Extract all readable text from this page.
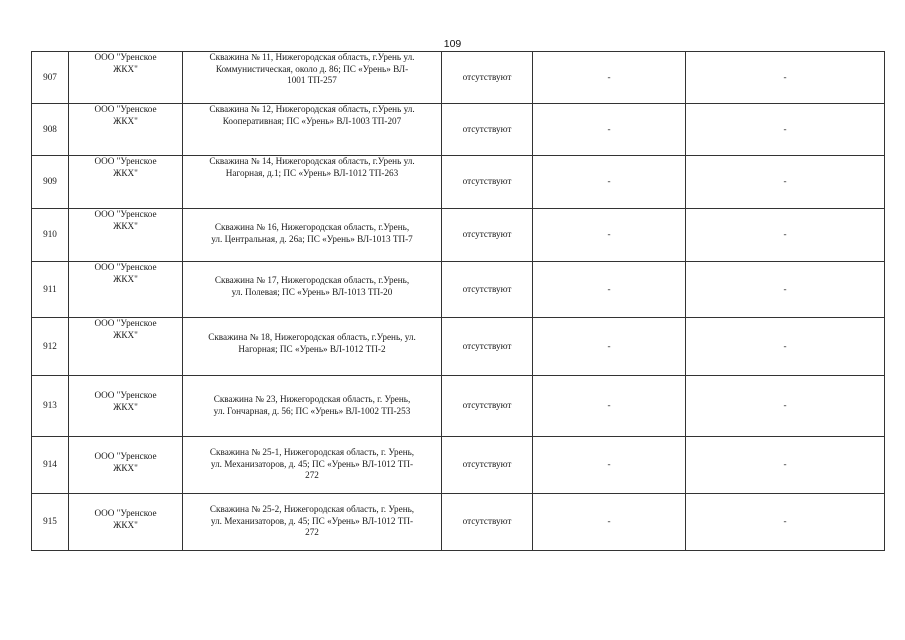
109
907	ООО "Уренское
ЖКХ"	Скважина № 11, Нижегородская область, г.Урень ул.
Коммунистическая, около д. 86; ПС «Урень» ВЛ-
1001 ТП-257	отсутствуют	-	-
908	ООО "Уренское
ЖКХ"	Скважина № 12, Нижегородская область, г.Урень ул.
Кооперативная; ПС «Урень» ВЛ-1003 ТП-207	отсутствуют	-	-
909	ООО "Уренское
ЖКХ"	Скважина № 14, Нижегородская область, г.Урень ул.
Нагорная, д.1; ПС «Урень» ВЛ-1012 ТП-263	отсутствуют	-	-
910	ООО "Уренское
ЖКХ"	Скважина № 16, Нижегородская область, г.Урень,
ул. Центральная, д. 26а; ПС «Урень» ВЛ-1013 ТП-7	отсутствуют	-	-
911	ООО "Уренское
ЖКХ"	Скважина № 17, Нижегородская область, г.Урень,
ул. Полевая; ПС «Урень» ВЛ-1013 ТП-20	отсутствуют	-	-
912	ООО "Уренское
ЖКХ"	Скважина № 18, Нижегородская область, г.Урень, ул.
Нагорная; ПС «Урень» ВЛ-1012 ТП-2	отсутствуют	-	-
913	ООО "Уренское
ЖКХ"	Скважина № 23, Нижегородская область, г. Урень,
ул. Гончарная, д. 56; ПС «Урень» ВЛ-1002 ТП-253	отсутствуют	-	-
914	ООО "Уренское
ЖКХ"	Скважина № 25-1, Нижегородская область, г. Урень,
ул. Механизаторов, д. 45; ПС «Урень» ВЛ-1012 ТП-
272	отсутствуют	-	-
915	ООО "Уренское
ЖКХ"	Скважина № 25-2, Нижегородская область, г. Урень,
ул. Механизаторов, д. 45; ПС «Урень» ВЛ-1012 ТП-
272	отсутствуют	-	-
